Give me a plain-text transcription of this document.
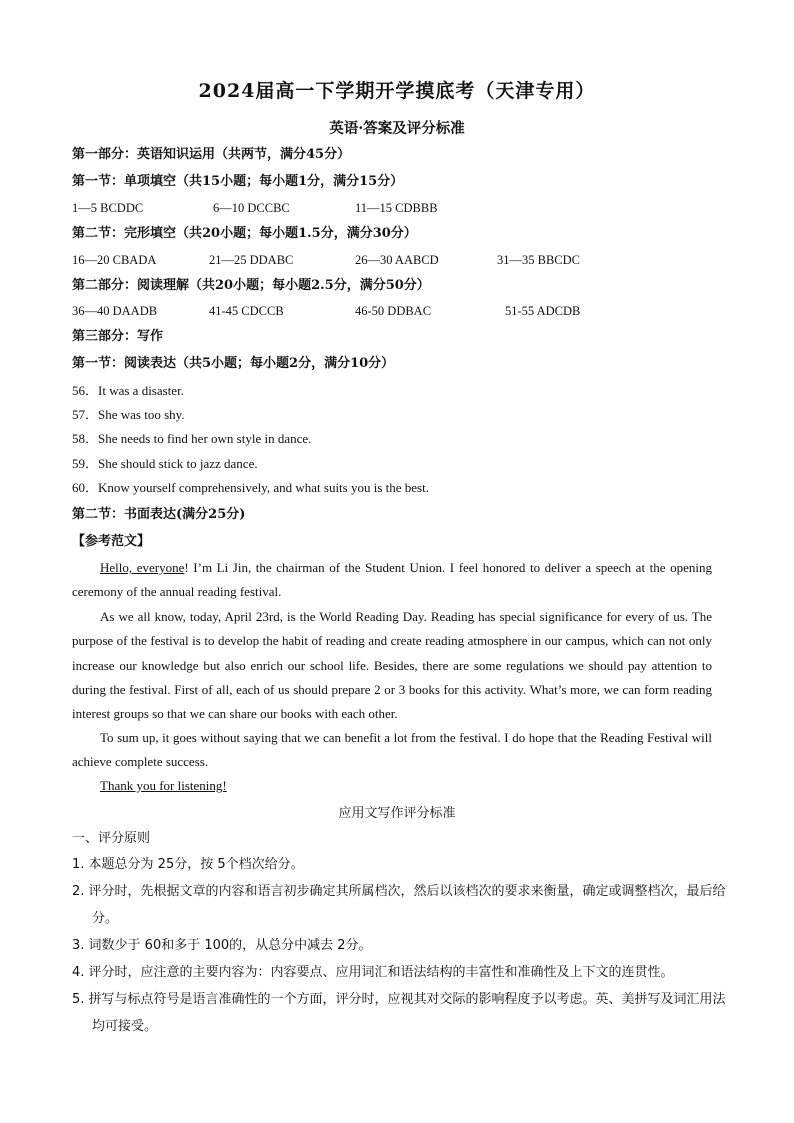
2024届高一下学期开学摸底考（天津专用）
英语·答案及评分标准
第一部分：英语知识运用（共两节，满分45分）
第一节：单项填空（共15小题；每小题1分，满分15分）
1—5 BCDDC	6—10 DCCBC	11—15 CDBBB
第二节：完形填空（共20小题；每小题1.5分，满分30分）
16—20 CBADA	21—25 DDABC	26—30 AABCD	31—35 BBCDC
第二部分：阅读理解（共20小题；每小题2.5分，满分50分）
36—40 DAADB	41-45 CDCCB	46-50 DDBAC	51-55 ADCDB
第三部分：写作
第一节：阅读表达（共5小题；每小题2分，满分10分）
56．It was a disaster.
57．She was too shy.
58．She needs to find her own style in dance.
59．She should stick to jazz dance.
60．Know yourself comprehensively, and what suits you is the best.
第二节：书面表达(满分25分)
【参考范文】
Hello, everyone! I’m Li Jin, the chairman of the Student Union. I feel honored to deliver a speech at the opening ceremony of the annual reading festival.
As we all know, today, April 23rd, is the World Reading Day. Reading has special significance for every of us. The purpose of the festival is to develop the habit of reading and create reading atmosphere in our campus, which can not only increase our knowledge but also enrich our school life. Besides, there are some regulations we should pay attention to during the festival. First of all, each of us should prepare 2 or 3 books for this activity. What’s more, we can form reading interest groups so that we can share our books with each other.
To sum up, it goes without saying that we can benefit a lot from the festival. I do hope that the Reading Festival will achieve complete success.
Thank you for listening!
应用文写作评分标准
一、评分原则
1. 本题总分为 25分，按 5个档次给分。
2. 评分时，先根据文章的内容和语言初步确定其所属档次，然后以该档次的要求来衡量，确定或调整档次，最后给分。
3. 词数少于 60和多于 100的，从总分中减去 2分。
4. 评分时，应注意的主要内容为：内容要点、应用词汇和语法结构的丰富性和准确性及上下文的连贯性。
5. 拼写与标点符号是语言准确性的一个方面，评分时，应视其对交际的影响程度予以考虑。英、美拼写及词汇用法均可接受。
